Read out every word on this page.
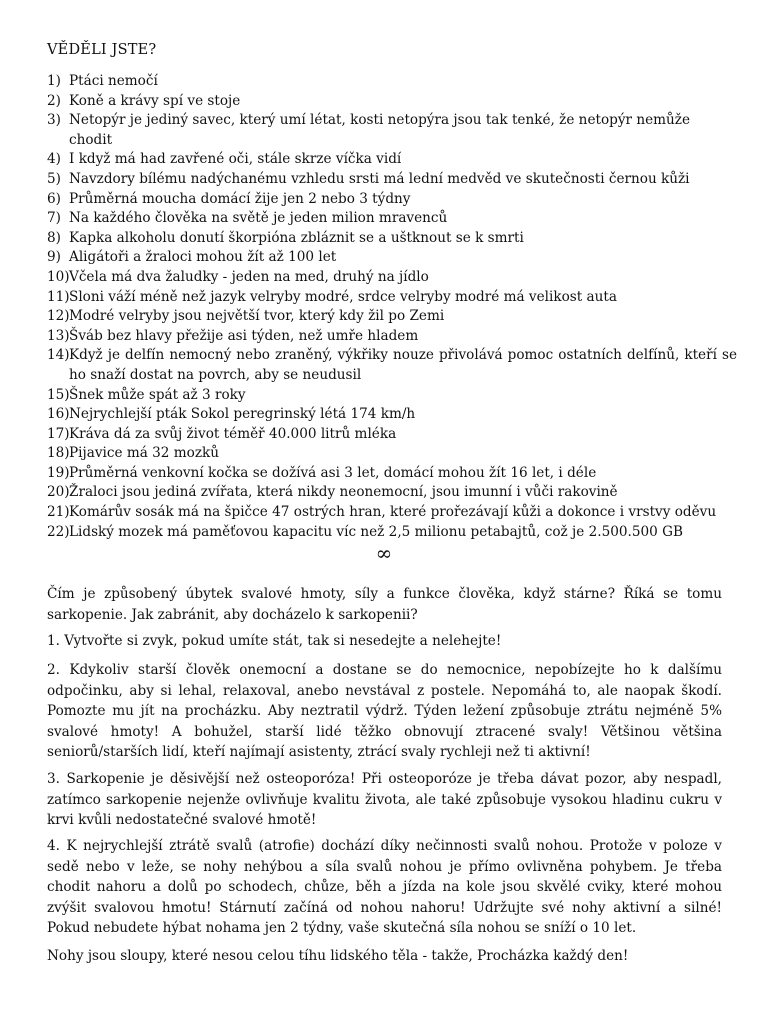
VĚDĚLI JSTE?
1) Ptáci nemočí
2) Koně a krávy spí ve stoje
3) Netopýr je jediný savec, který umí létat, kosti netopýra jsou tak tenké, že netopýr nemůže chodit
4) I když má had zavřené oči, stále skrze víčka vidí
5) Navzdory bílému nadýchanému vzhledu srsti má lední medvěd ve skutečnosti černou kůži
6) Průměrná moucha domácí žije jen 2 nebo 3 týdny
7) Na každého člověka na světě je jeden milion mravenců
8) Kapka alkoholu donutí škorpióna zbláznit se a uštknout se k smrti
9) Aligátoři a žraloci mohou žít až 100 let
10) Včela má dva žaludky - jeden na med, druhý na jídlo
11) Sloni váží méně než jazyk velryby modré, srdce velryby modré má velikost auta
12) Modré velryby jsou největší tvor, který kdy žil po Zemi
13) Šváb bez hlavy přežije asi týden, než umře hladem
14) Když je delfín nemocný nebo zraněný, výkřiky nouze přivolává pomoc ostatních delfínů, kteří se ho snaží dostat na povrch, aby se neudusil
15) Šnek může spát až 3 roky
16) Nejrychlejší pták Sokol peregrinský létá 174 km/h
17) Kráva dá za svůj život téměř 40.000 litrů mléka
18) Pijavice má 32 mozků
19) Průměrná venkovní kočka se dožívá asi 3 let, domácí mohou žít 16 let, i déle
20) Žraloci jsou jediná zvířata, která nikdy neonemocní, jsou imunní i vůči rakovině
21) Komárův sosák má na špičce 47 ostrých hran, které prořezávají kůži a dokonce i vrstvy oděvu
22) Lidský mozek má paměťovou kapacitu víc než 2,5 milionu petabajtů, což je 2.500.500 GB
∞

Čím je způsobený úbytek svalové hmoty, síly a funkce člověka, když stárne? Říká se tomu sarkopenie. Jak zabránit, aby docházelo k sarkopenii?

1. Vytvořte si zvyk, pokud umíte stát, tak si nesedejte a nelehejte!

2. Kdykoliv starší člověk onemocní a dostane se do nemocnice, nepobízejte ho k dalšímu odpočinku, aby si lehal, relaxoval, anebo nevstával z postele. Nepomáhá to, ale naopak škodí. Pomozte mu jít na procházku. Aby neztratil výdrž. Týden ležení způsobuje ztrátu nejméně 5% svalové hmoty! A bohužel, starší lidé těžko obnovují ztracené svaly! Většinou většina seniorů/starších lidí, kteří najímají asistenty, ztrácí svaly rychleji než ti aktivní!

3. Sarkopenie je děsivější než osteoporóza! Při osteoporóze je třeba dávat pozor, aby nespadl, zatímco sarkopenie nejenže ovlivňuje kvalitu života, ale také způsobuje vysokou hladinu cukru v krvi kvůli nedostatečné svalové hmotě!

4. K nejrychlejší ztrátě svalů (atrofie) dochází díky nečinnosti svalů nohou. Protože v poloze v sedě nebo v leže, se nohy nehýbou a síla svalů nohou je přímo ovlivněna pohybem. Je třeba chodit nahoru a dolů po schodech, chůze, běh a jízda na kole jsou skvělé cviky, které mohou zvýšit svalovou hmotu! Stárnutí začíná od nohou nahoru! Udržujte své nohy aktivní a silné! Pokud nebudete hýbat nohama jen 2 týdny, vaše skutečná síla nohou se sníží o 10 let.

Nohy jsou sloupy, které nesou celou tíhu lidského těla - takže, Procházka každý den!
